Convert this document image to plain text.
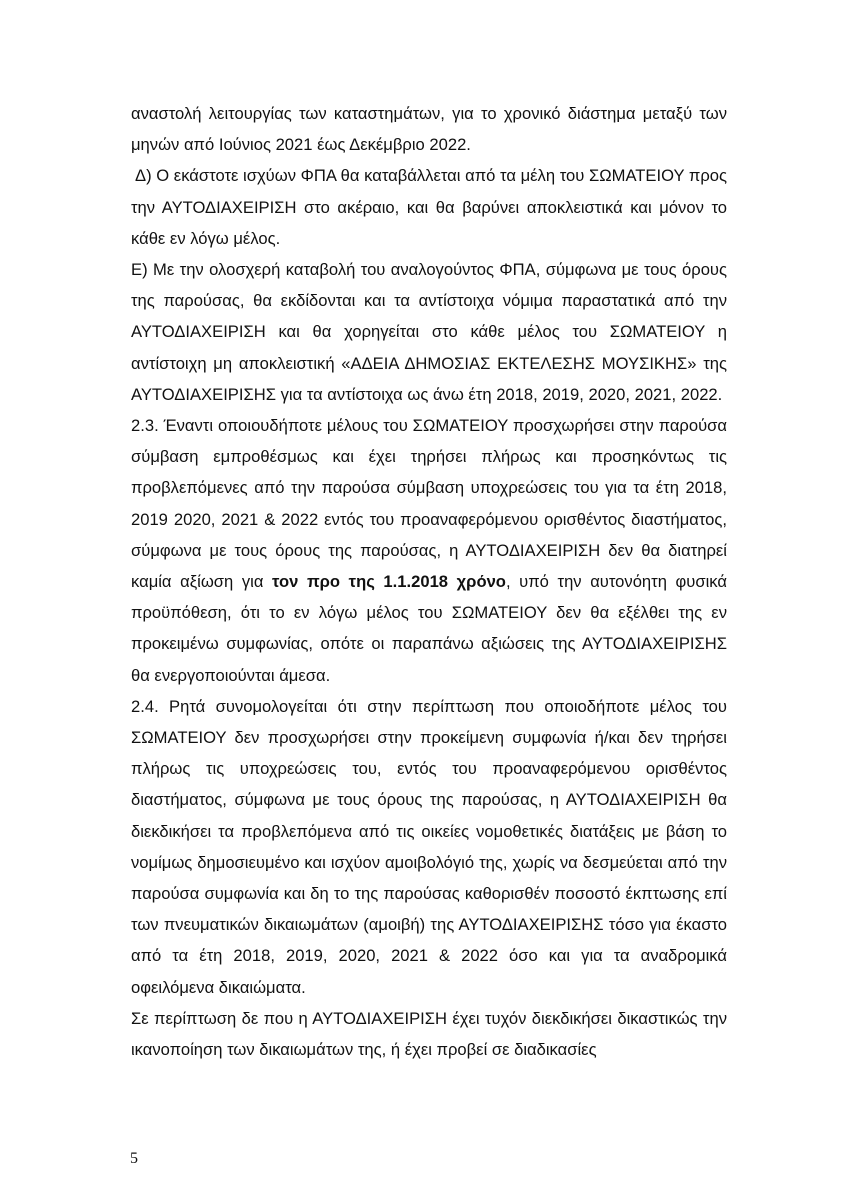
αναστολή λειτουργίας των καταστημάτων, για το χρονικό διάστημα μεταξύ των μηνών από Ιούνιος 2021 έως Δεκέμβριο 2022.

Δ) Ο εκάστοτε ισχύων ΦΠΑ θα καταβάλλεται από τα μέλη του ΣΩΜΑΤΕΙΟΥ προς την ΑΥΤΟΔΙΑΧΕΙΡΙΣΗ στο ακέραιο, και θα βαρύνει αποκλειστικά και μόνον το κάθε εν λόγω μέλος.

Ε) Με την ολοσχερή καταβολή του αναλογούντος ΦΠΑ, σύμφωνα με τους όρους της παρούσας, θα εκδίδονται και τα αντίστοιχα νόμιμα παραστατικά από την ΑΥΤΟΔΙΑΧΕΙΡΙΣΗ και θα χορηγείται στο κάθε μέλος του ΣΩΜΑΤΕΙΟΥ η αντίστοιχη μη αποκλειστική «ΑΔΕΙΑ ΔΗΜΟΣΙΑΣ ΕΚΤΕΛΕΣΗΣ ΜΟΥΣΙΚΗΣ» της ΑΥΤΟΔΙΑΧΕΙΡΙΣΗΣ για τα αντίστοιχα ως άνω έτη 2018, 2019, 2020, 2021, 2022.

2.3. Έναντι οποιουδήποτε μέλους του ΣΩΜΑΤΕΙΟΥ προσχωρήσει στην παρούσα σύμβαση εμπροθέσμως και έχει τηρήσει πλήρως και προσηκόντως τις προβλεπόμενες από την παρούσα σύμβαση υποχρεώσεις του για τα έτη 2018, 2019 2020, 2021 & 2022 εντός του προαναφερόμενου ορισθέντος διαστήματος, σύμφωνα με τους όρους της παρούσας, η ΑΥΤΟΔΙΑΧΕΙΡΙΣΗ δεν θα διατηρεί καμία αξίωση για τον προ της 1.1.2018 χρόνο, υπό την αυτονόητη φυσικά προϋπόθεση, ότι το εν λόγω μέλος του ΣΩΜΑΤΕΙΟΥ δεν θα εξέλθει της εν προκειμένω συμφωνίας, οπότε οι παραπάνω αξιώσεις της ΑΥΤΟΔΙΑΧΕΙΡΙΣΗΣ θα ενεργοποιούνται άμεσα.

2.4. Ρητά συνομολογείται ότι στην περίπτωση που οποιοδήποτε μέλος του ΣΩΜΑΤΕΙΟΥ δεν προσχωρήσει στην προκείμενη συμφωνία ή/και δεν τηρήσει πλήρως τις υποχρεώσεις του, εντός του προαναφερόμενου ορισθέντος διαστήματος, σύμφωνα με τους όρους της παρούσας, η ΑΥΤΟΔΙΑΧΕΙΡΙΣΗ θα διεκδικήσει τα προβλεπόμενα από τις οικείες νομοθετικές διατάξεις με βάση το νομίμως δημοσιευμένο και ισχύον αμοιβολόγιό της, χωρίς να δεσμεύεται από την παρούσα συμφωνία και δη το της παρούσας καθορισθέν ποσοστό έκπτωσης επί των πνευματικών δικαιωμάτων (αμοιβή) της ΑΥΤΟΔΙΑΧΕΙΡΙΣΗΣ τόσο για έκαστο από τα έτη 2018, 2019, 2020, 2021 & 2022 όσο και για τα αναδρομικά οφειλόμενα δικαιώματα.

Σε περίπτωση δε που η ΑΥΤΟΔΙΑΧΕΙΡΙΣΗ έχει τυχόν διεκδικήσει δικαστικώς την ικανοποίηση των δικαιωμάτων της, ή έχει προβεί σε διαδικασίες

5
